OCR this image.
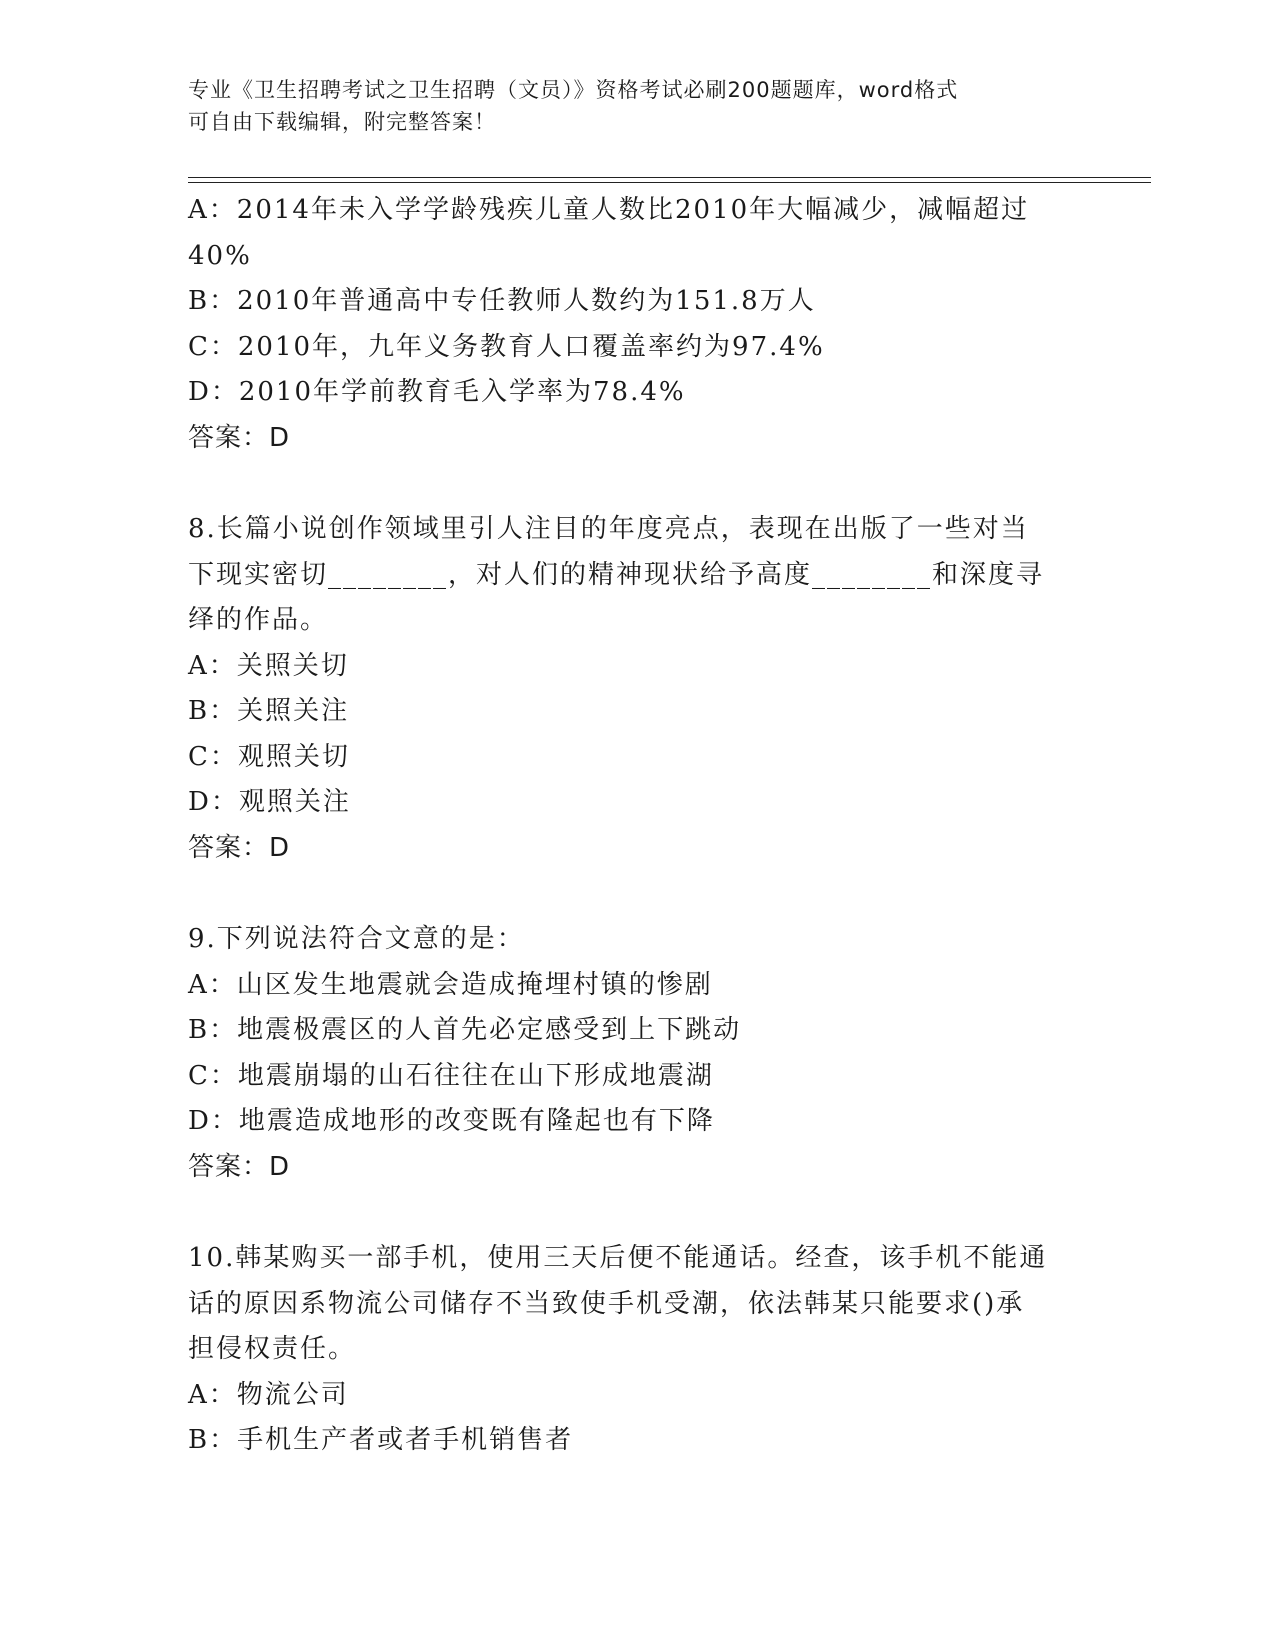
专业《卫生招聘考试之卫生招聘（文员）》资格考试必刷200题题库，word格式
可自由下载编辑，附完整答案！
A：2014年未入学学龄残疾儿童人数比2010年大幅减少，减幅超过
40%
B：2010年普通高中专任教师人数约为151.8万人
C：2010年，九年义务教育人口覆盖率约为97.4%
D：2010年学前教育毛入学率为78.4%
答案：D
8.长篇小说创作领域里引人注目的年度亮点，表现在出版了一些对当
下现实密切________，对人们的精神现状给予高度________和深度寻
绎的作品。
A：关照关切
B：关照关注
C：观照关切
D：观照关注
答案：D
9.下列说法符合文意的是：
A：山区发生地震就会造成掩埋村镇的惨剧
B：地震极震区的人首先必定感受到上下跳动
C：地震崩塌的山石往往在山下形成地震湖
D：地震造成地形的改变既有隆起也有下降
答案：D
10.韩某购买一部手机，使用三天后便不能通话。经查，该手机不能通
话的原因系物流公司储存不当致使手机受潮，依法韩某只能要求()承
担侵权责任。
A：物流公司
B：手机生产者或者手机销售者
